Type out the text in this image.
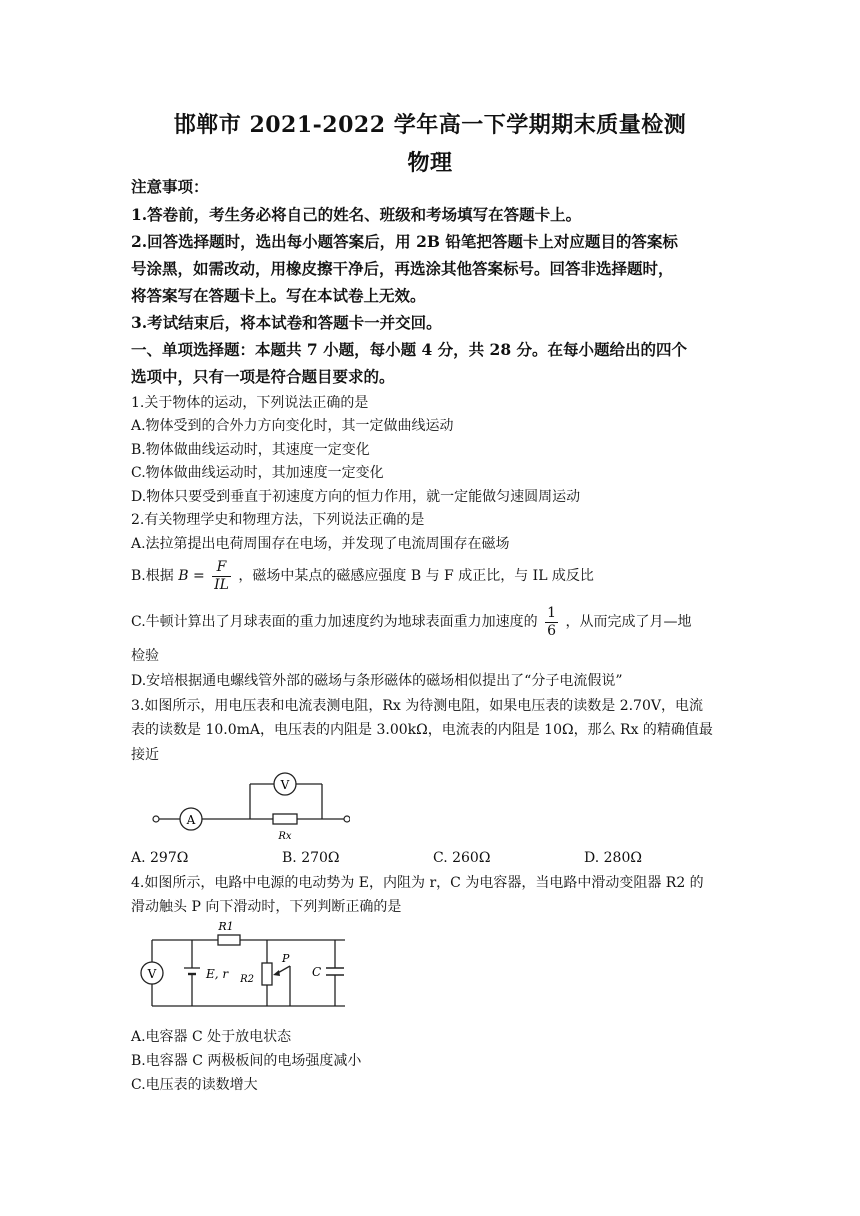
邯郸市 2021-2022 学年高一下学期期末质量检测
物理
注意事项：
1.答卷前，考生务必将自己的姓名、班级和考场填写在答题卡上。
2.回答选择题时，选出每小题答案后，用 2B 铅笔把答题卡上对应题目的答案标
号涂黑，如需改动，用橡皮擦干净后，再选涂其他答案标号。回答非选择题时，
将答案写在答题卡上。写在本试卷上无效。
3.考试结束后，将本试卷和答题卡一并交回。
一、单项选择题：本题共 7 小题，每小题 4 分，共 28 分。在每小题给出的四个
选项中，只有一项是符合题目要求的。
1.关于物体的运动，下列说法正确的是
A.物体受到的合外力方向变化时，其一定做曲线运动
B.物体做曲线运动时，其速度一定变化
C.物体做曲线运动时，其加速度一定变化
D.物体只要受到垂直于初速度方向的恒力作用，就一定能做匀速圆周运动
2.有关物理学史和物理方法，下列说法正确的是
A.法拉第提出电荷周围存在电场，并发现了电流周围存在磁场
B.根据 $B = \frac{F}{IL}$ ，磁场中某点的磁感应强度 B 与 F 成正比，与 IL 成反比
C.牛顿计算出了月球表面的重力加速度约为地球表面重力加速度的 $\frac{1}{6}$ ，从而完成了月—地
检验
D.安培根据通电螺线管外部的磁场与条形磁体的磁场相似提出了“分子电流假说”
3.如图所示，用电压表和电流表测电阻，Rx 为待测电阻，如果电压表的读数是 2.70V，电流
表的读数是 10.0mA，电压表的内阻是 3.00kΩ，电流表的内阻是 10Ω，那么 Rx 的精确值最
接近
A
V
Rx
A. 297Ω	B. 270Ω	C. 260Ω	D. 280Ω
4.如图所示，电路中电源的电动势为 E，内阻为 r，C 为电容器，当电路中滑动变阻器 R2 的
滑动触头 P 向下滑动时，下列判断正确的是
V	E, r
R1
R2
P
C
A.电容器 C 处于放电状态
B.电容器 C 两极板间的电场强度减小
C.电压表的读数增大
